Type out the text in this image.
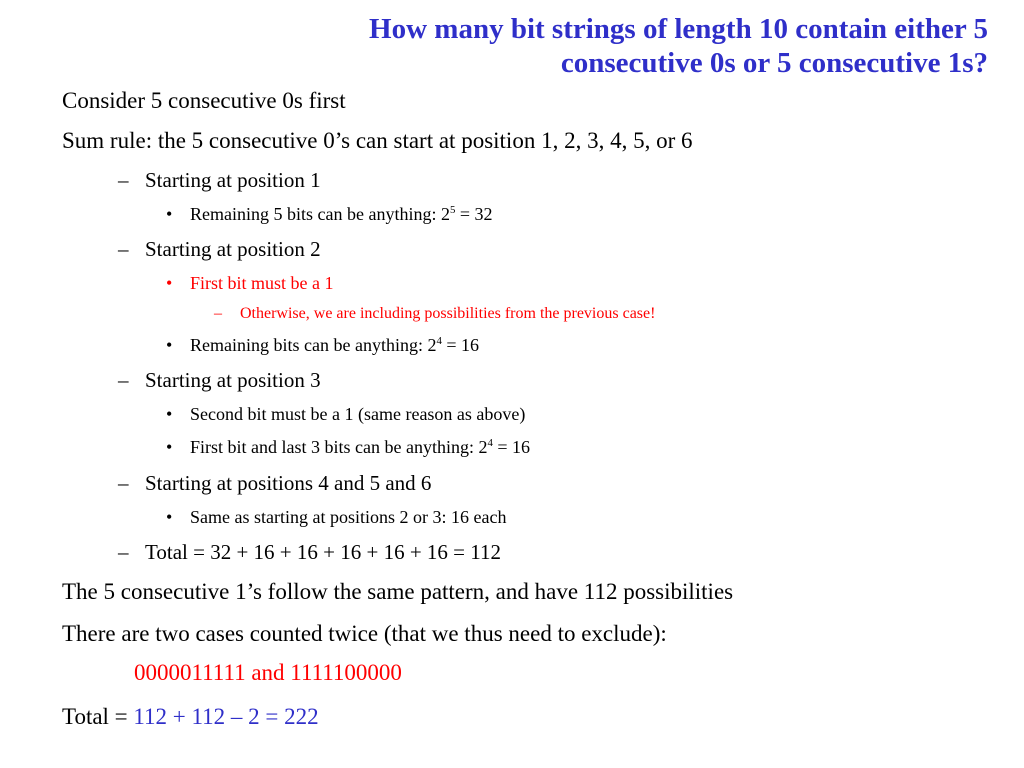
How many bit strings of length 10 contain either 5
consecutive 0s or 5 consecutive 1s?
Consider 5 consecutive 0s first
Sum rule: the 5 consecutive 0’s can start at position 1, 2, 3, 4, 5, or 6
– Starting at position 1
• Remaining 5 bits can be anything: $2^5 = 32$
– Starting at position 2
• First bit must be a 1
– Otherwise, we are including possibilities from the previous case!
• Remaining bits can be anything: $2^4 = 16$
– Starting at position 3
• Second bit must be a 1 (same reason as above)
• First bit and last 3 bits can be anything: $2^4 = 16$
– Starting at positions 4 and 5 and 6
• Same as starting at positions 2 or 3: 16 each
– Total = 32 + 16 + 16 + 16 + 16 + 16 = 112
The 5 consecutive 1’s follow the same pattern, and have 112 possibilities
There are two cases counted twice (that we thus need to exclude):
0000011111 and 1111100000
Total = 112 + 112 – 2 = 222
